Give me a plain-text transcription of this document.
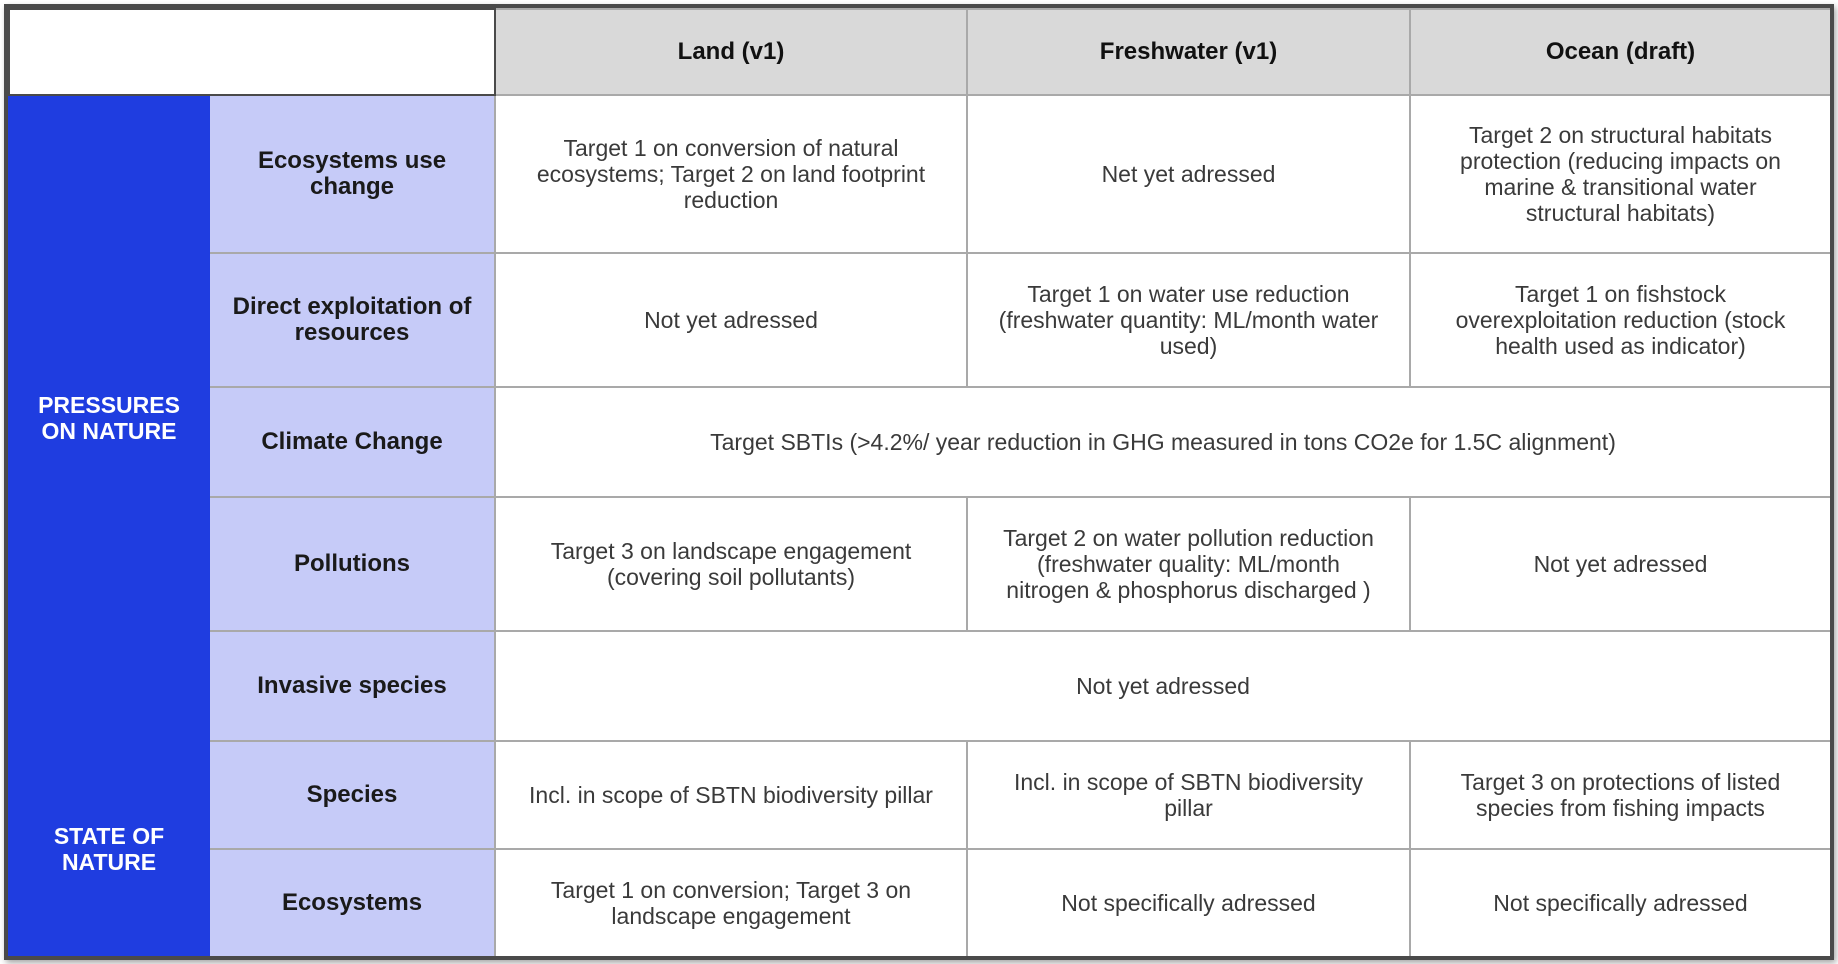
		Land (v1)	Freshwater (v1)	Ocean (draft)
PRESSURES ON NATURE	Ecosystems use change	Target 1 on conversion of natural ecosystems; Target 2 on land footprint reduction	Net yet adressed	Target 2 on structural habitats protection (reducing impacts on marine & transitional water structural habitats)
	Direct exploitation of resources	Not yet adressed	Target 1 on water use reduction (freshwater quantity: ML/month water used)	Target 1 on fishstock overexploitation reduction (stock health used as indicator)
	Climate Change	Target SBTIs (>4.2%/ year reduction in GHG measured in tons CO2e for 1.5C alignment)		
	Pollutions	Target 3 on landscape engagement (covering soil pollutants)	Target 2 on water pollution reduction (freshwater quality: ML/month nitrogen & phosphorus discharged )	Not yet adressed
	Invasive species	Not yet adressed		
STATE OF NATURE	Species	Incl. in scope of SBTN biodiversity pillar	Incl. in scope of SBTN biodiversity pillar	Target 3 on protections of listed species from fishing impacts
	Ecosystems	Target 1 on conversion; Target 3 on landscape engagement	Not specifically adressed	Not specifically adressed
